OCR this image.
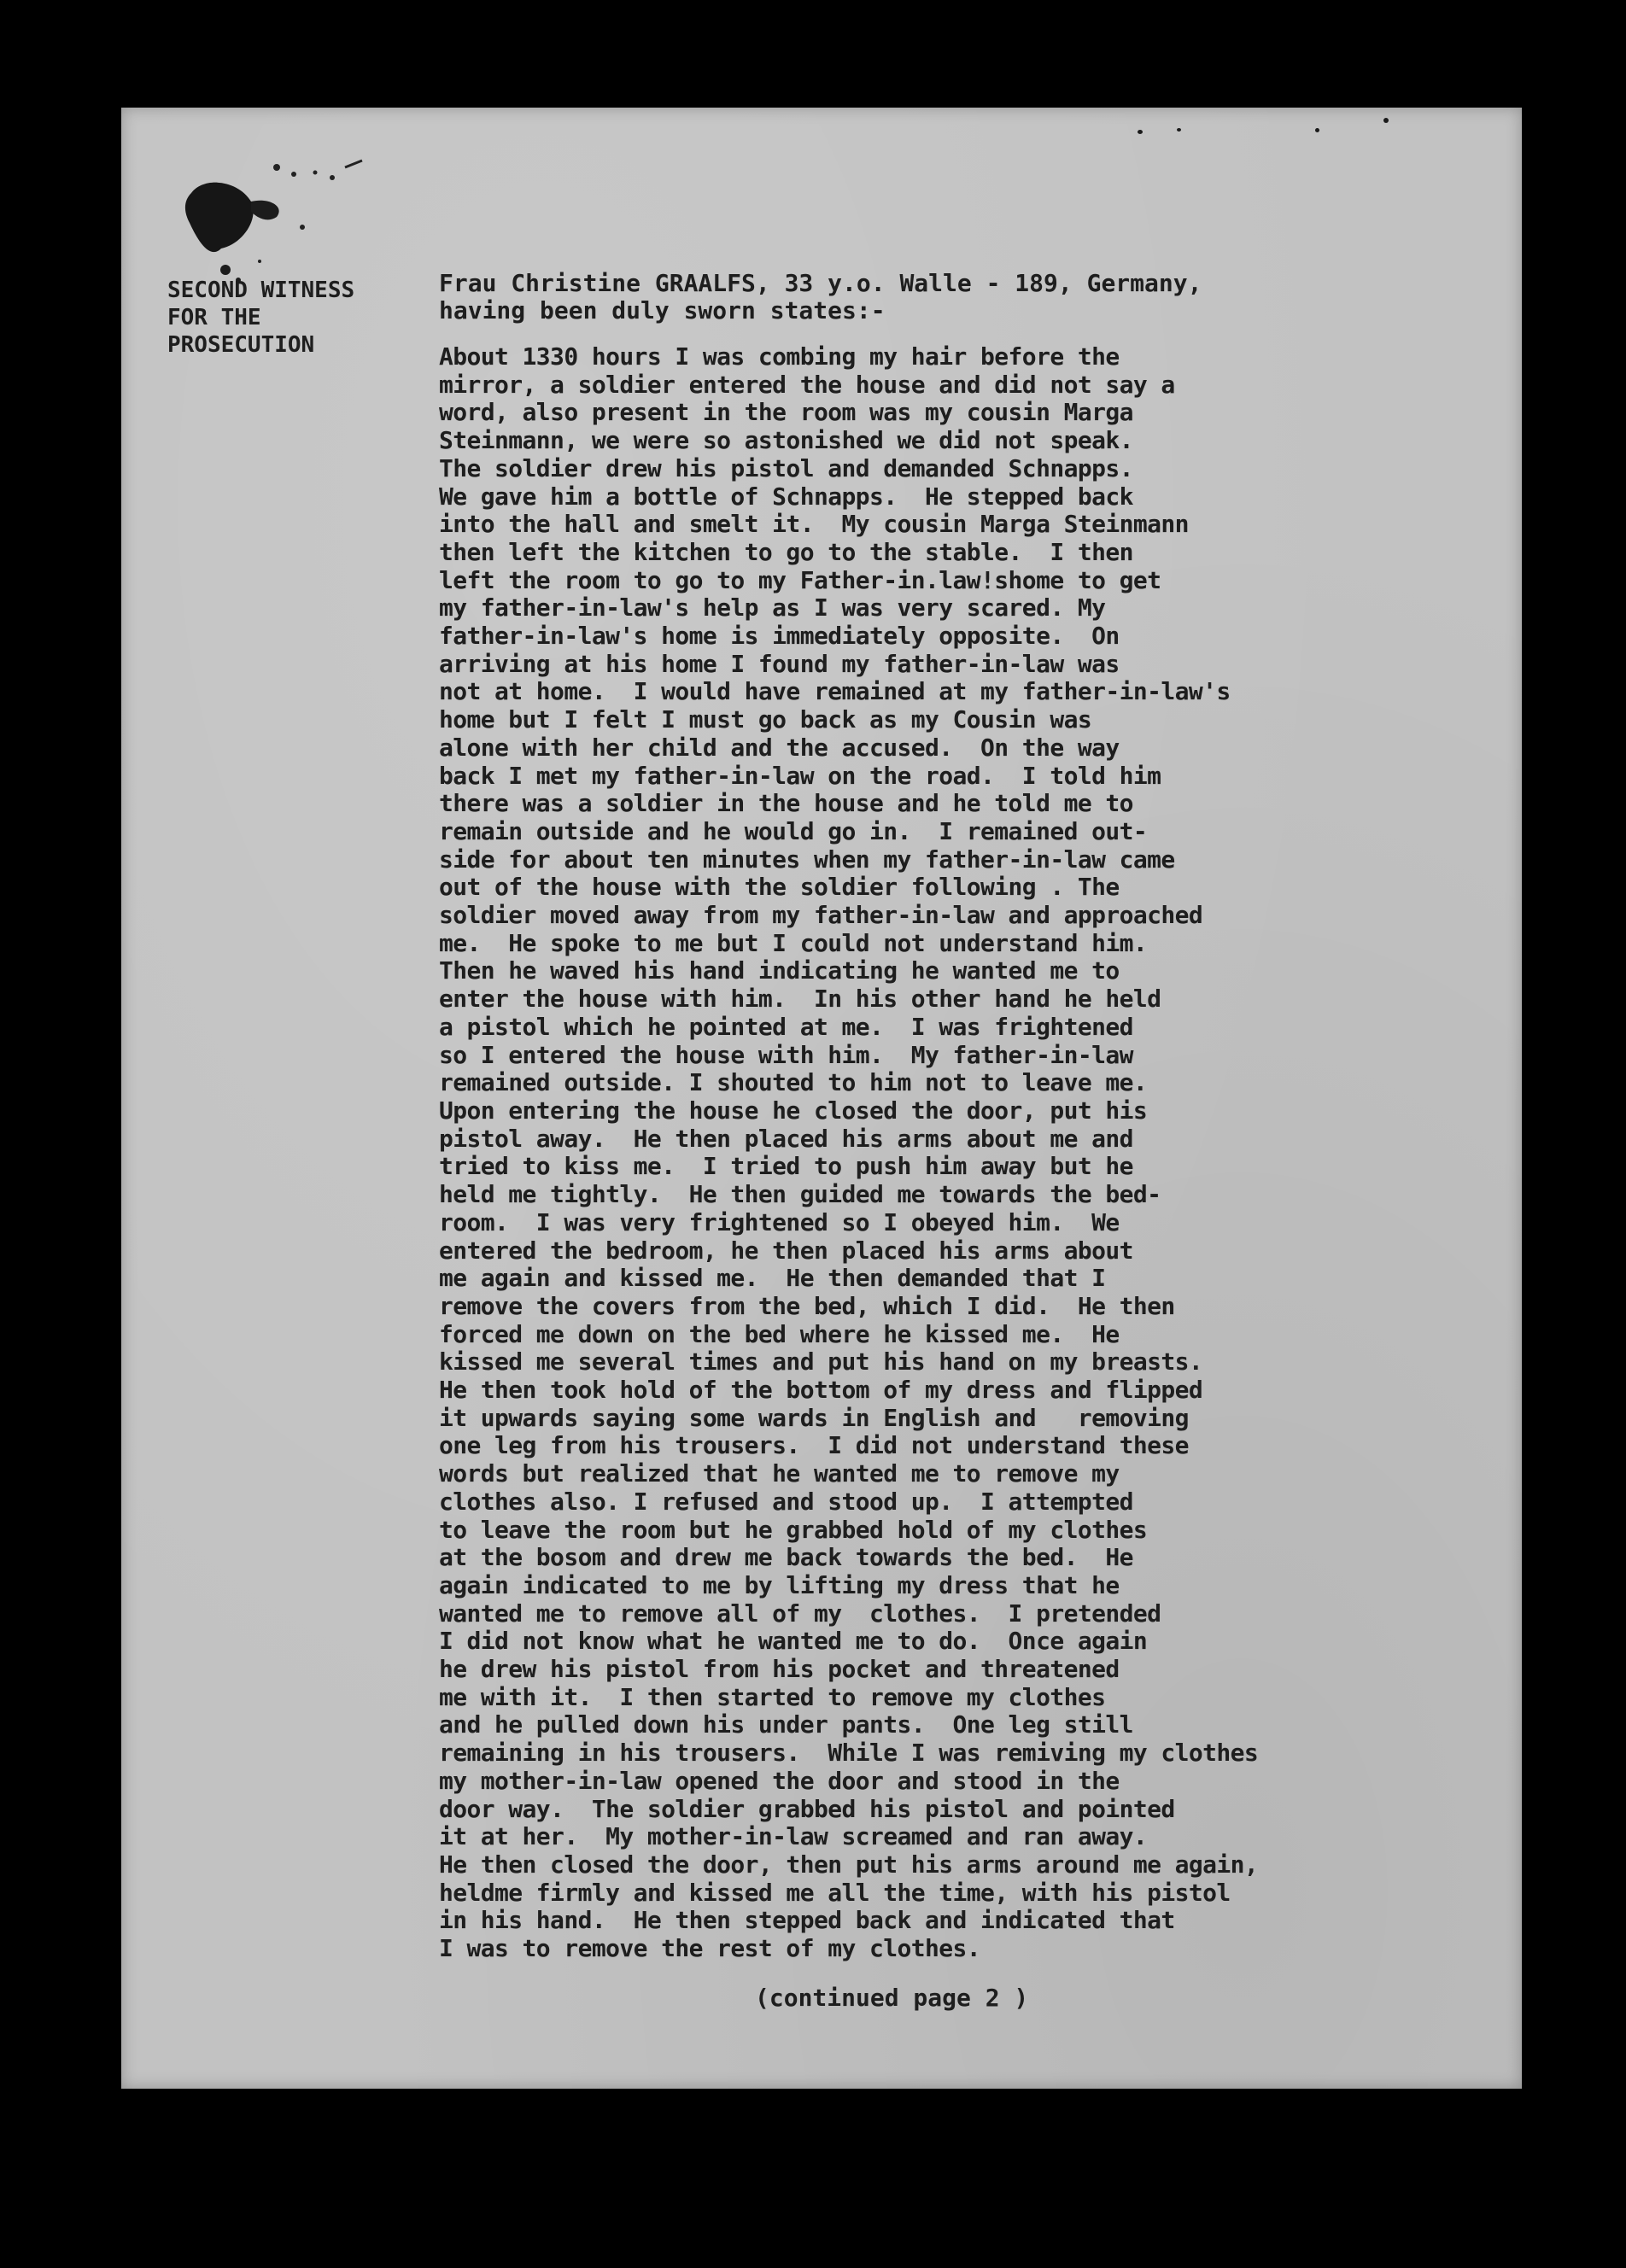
SECOND WITNESS
FOR THE
PROSECUTION
Frau Christine GRAALFS, 33 y.o. Walle - 189, Germany,
having been duly sworn states:-
About 1330 hours I was combing my hair before the
mirror, a soldier entered the house and did not say a
word, also present in the room was my cousin Marga
Steinmann, we were so astonished we did not speak.
The soldier drew his pistol and demanded Schnapps.
We gave him a bottle of Schnapps.  He stepped back
into the hall and smelt it.  My cousin Marga Steinmann
then left the kitchen to go to the stable.  I then
left the room to go to my Father-in.law!shome to get
my father-in-law's help as I was very scared. My
father-in-law's home is immediately opposite.  On
arriving at his home I found my father-in-law was
not at home.  I would have remained at my father-in-law's
home but I felt I must go back as my Cousin was
alone with her child and the accused.  On the way
back I met my father-in-law on the road.  I told him
there was a soldier in the house and he told me to
remain outside and he would go in.  I remained out-
side for about ten minutes when my father-in-law came
out of the house with the soldier following . The
soldier moved away from my father-in-law and approached
me.  He spoke to me but I could not understand him.
Then he waved his hand indicating he wanted me to
enter the house with him.  In his other hand he held
a pistol which he pointed at me.  I was frightened
so I entered the house with him.  My father-in-law
remained outside. I shouted to him not to leave me.
Upon entering the house he closed the door, put his
pistol away.  He then placed his arms about me and
tried to kiss me.  I tried to push him away but he
held me tightly.  He then guided me towards the bed-
room.  I was very frightened so I obeyed him.  We
entered the bedroom, he then placed his arms about
me again and kissed me.  He then demanded that I
remove the covers from the bed, which I did.  He then
forced me down on the bed where he kissed me.  He
kissed me several times and put his hand on my breasts.
He then took hold of the bottom of my dress and flipped
it upwards saying some wards in English and   removing
one leg from his trousers.  I did not understand these
words but realized that he wanted me to remove my
clothes also. I refused and stood up.  I attempted
to leave the room but he grabbed hold of my clothes
at the bosom and drew me back towards the bed.  He
again indicated to me by lifting my dress that he
wanted me to remove all of my  clothes.  I pretended
I did not know what he wanted me to do.  Once again
he drew his pistol from his pocket and threatened
me with it.  I then started to remove my clothes
and he pulled down his under pants.  One leg still
remaining in his trousers.  While I was remiving my clothes
my mother-in-law opened the door and stood in the
door way.  The soldier grabbed his pistol and pointed
it at her.  My mother-in-law screamed and ran away.
He then closed the door, then put his arms around me again,
heldme firmly and kissed me all the time, with his pistol
in his hand.  He then stepped back and indicated that
I was to remove the rest of my clothes.
(continued page 2 )
